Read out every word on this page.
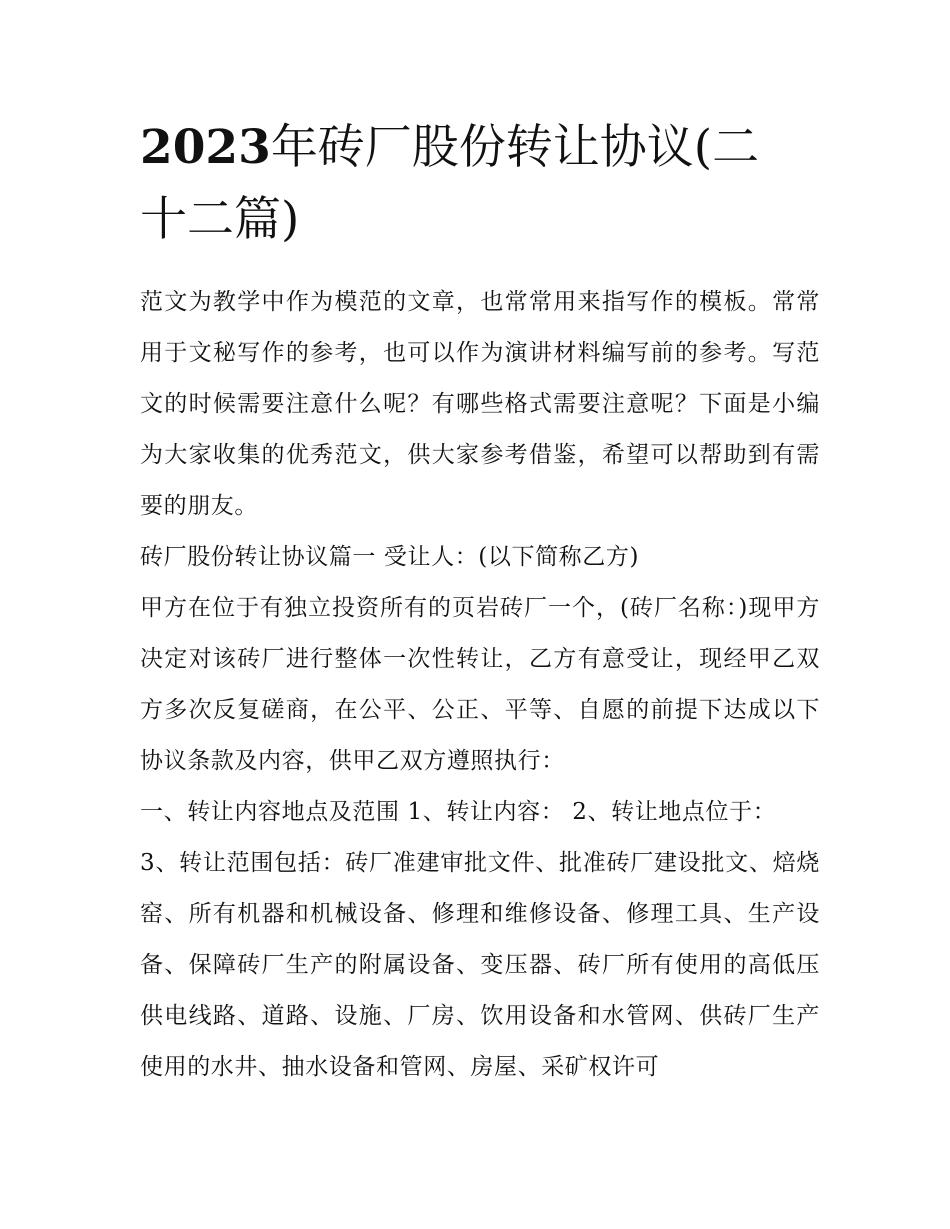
2023年砖厂股份转让协议(二十二篇)

范文为教学中作为模范的文章，也常常用来指写作的模板。常常用于文秘写作的参考，也可以作为演讲材料编写前的参考。写范文的时候需要注意什么呢？有哪些格式需要注意呢？下面是小编为大家收集的优秀范文，供大家参考借鉴，希望可以帮助到有需要的朋友。

砖厂股份转让协议篇一 受让人：(以下简称乙方)

甲方在位于有独立投资所有的页岩砖厂一个，(砖厂名称：)现甲方决定对该砖厂进行整体一次性转让，乙方有意受让，现经甲乙双方多次反复磋商，在公平、公正、平等、自愿的前提下达成以下协议条款及内容，供甲乙双方遵照执行：

一、转让内容地点及范围 1、转让内容： 2、转让地点位于：

3、转让范围包括：砖厂准建审批文件、批准砖厂建设批文、焙烧窑、所有机器和机械设备、修理和维修设备、修理工具、生产设备、保障砖厂生产的附属设备、变压器、砖厂所有使用的高低压供电线路、道路、设施、厂房、饮用设备和水管网、供砖厂生产使用的水井、抽水设备和管网、房屋、采矿权许可
